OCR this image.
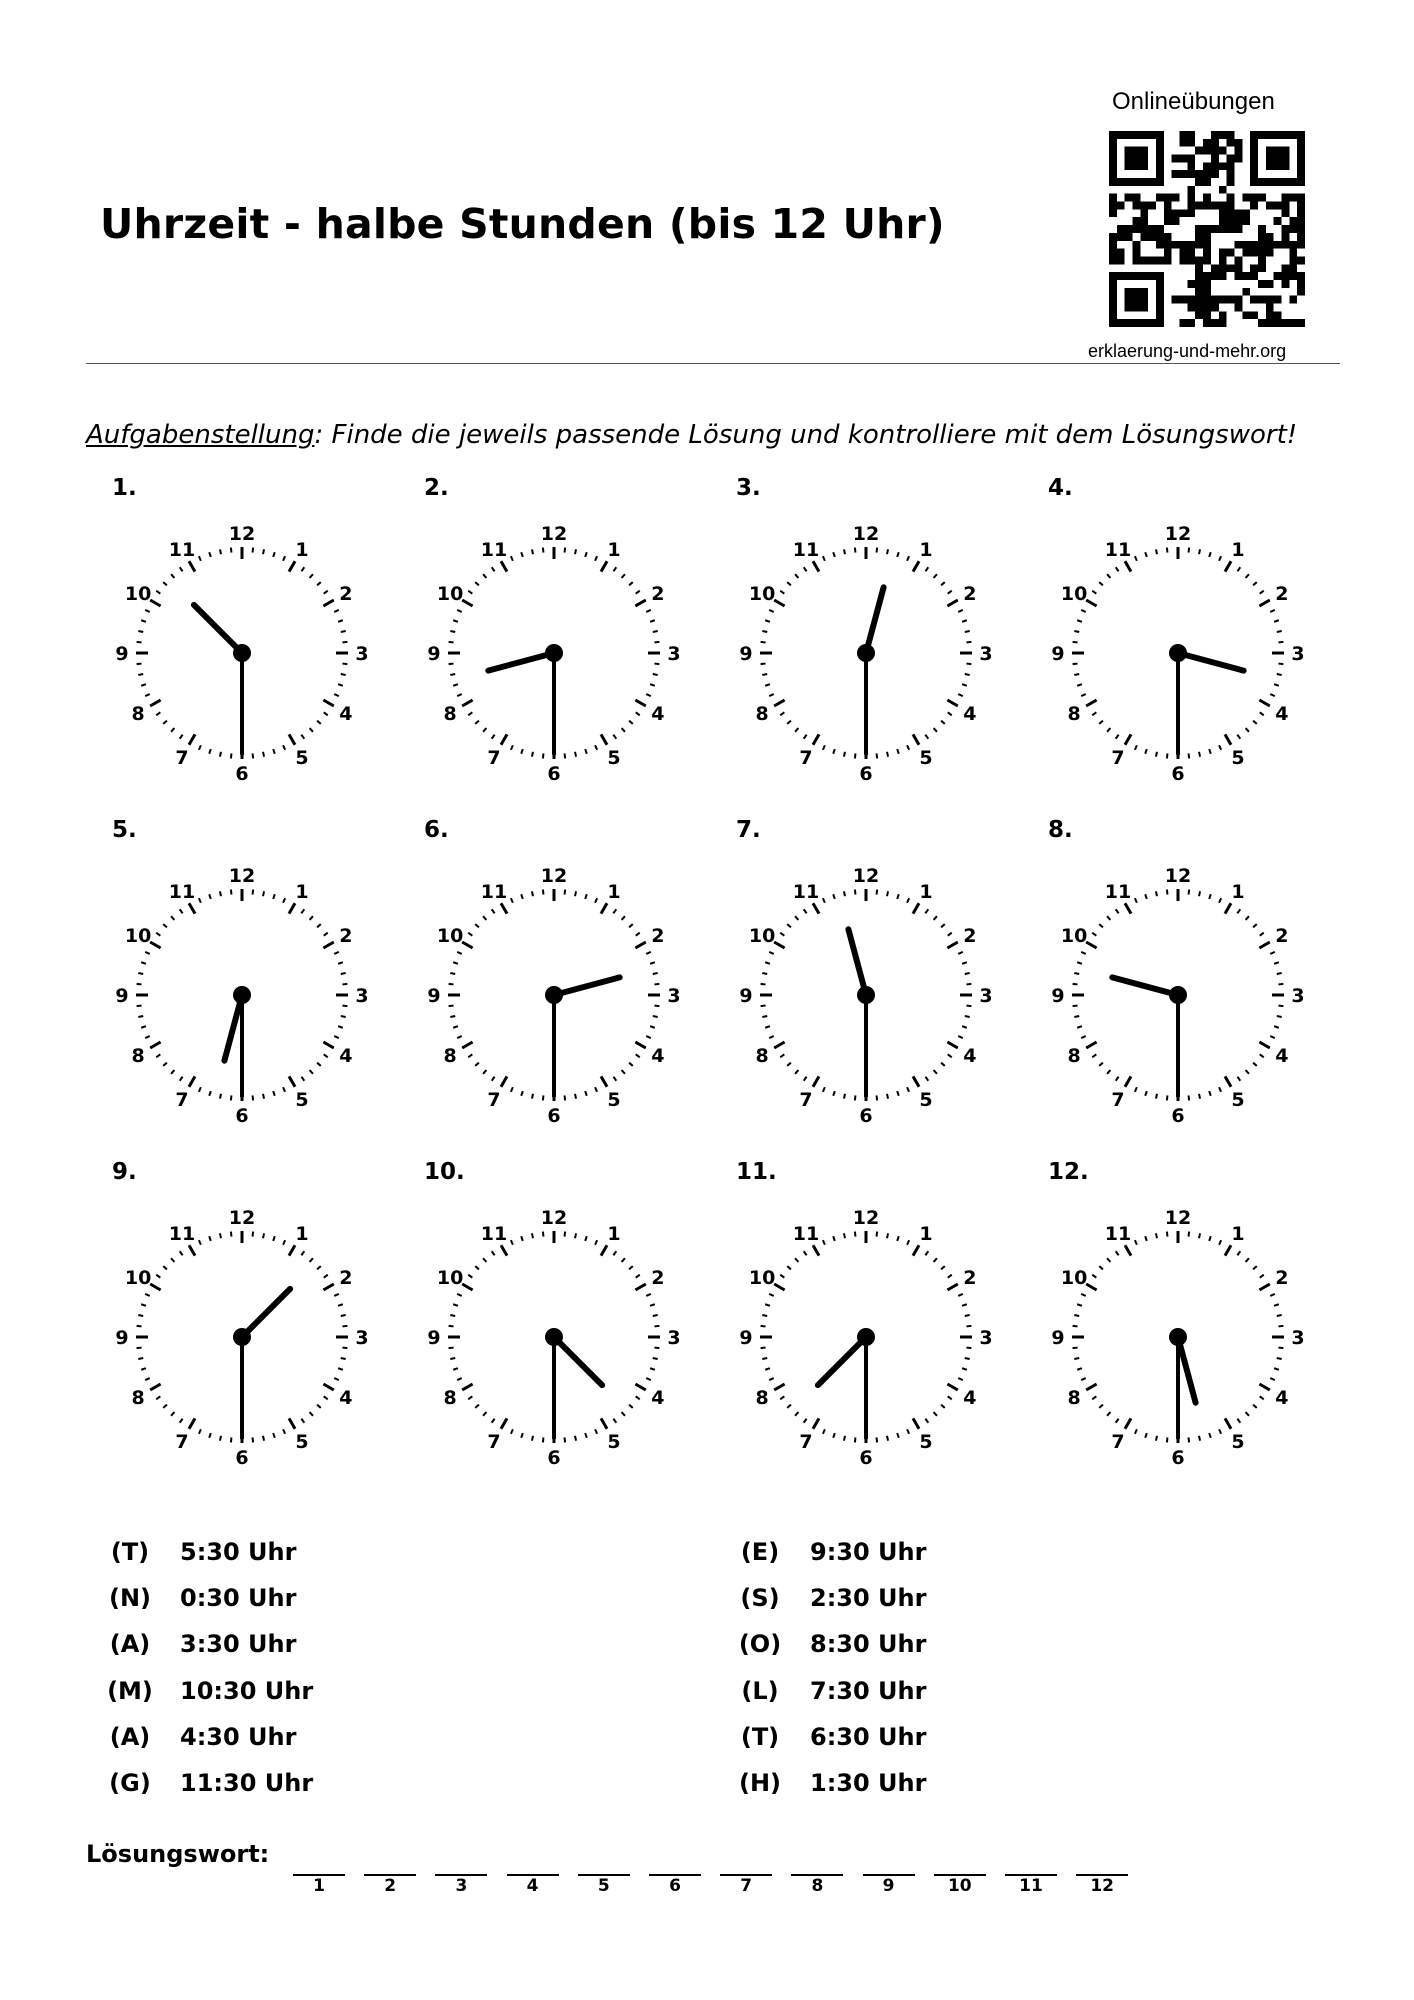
Uhrzeit - halbe Stunden (bis 12 Uhr)
Onlineübungen
erklaerung-und-mehr.org
Aufgabenstellung: Finde die jeweils passende Lösung und kontrolliere mit dem Lösungswort!
1.
1
2
3
4
5
6
7
8
9
10
11
12
2.
1
2
3
4
5
6
7
8
9
10
11
12
3.
1
2
3
4
5
6
7
8
9
10
11
12
4.
1
2
3
4
5
6
7
8
9
10
11
12
5.
1
2
3
4
5
6
7
8
9
10
11
12
6.
1
2
3
4
5
6
7
8
9
10
11
12
7.
1
2
3
4
5
6
7
8
9
10
11
12
8.
1
2
3
4
5
6
7
8
9
10
11
12
9.
1
2
3
4
5
6
7
8
9
10
11
12
10.
1
2
3
4
5
6
7
8
9
10
11
12
11.
1
2
3
4
5
6
7
8
9
10
11
12
12.
1
2
3
4
5
6
7
8
9
10
11
12
(T)	5:30 Uhr
(N)	0:30 Uhr
(A)	3:30 Uhr
(M) 10:30 Uhr
(A)	4:30 Uhr
(G)	11:30 Uhr
(E)	9:30 Uhr
(S)	2:30 Uhr
(O)	8:30 Uhr
(L)	7:30 Uhr
(T)	6:30 Uhr
(H)	1:30 Uhr
Lösungswort:
1	2	3	4	5	6	7	8	9	10	11	12
